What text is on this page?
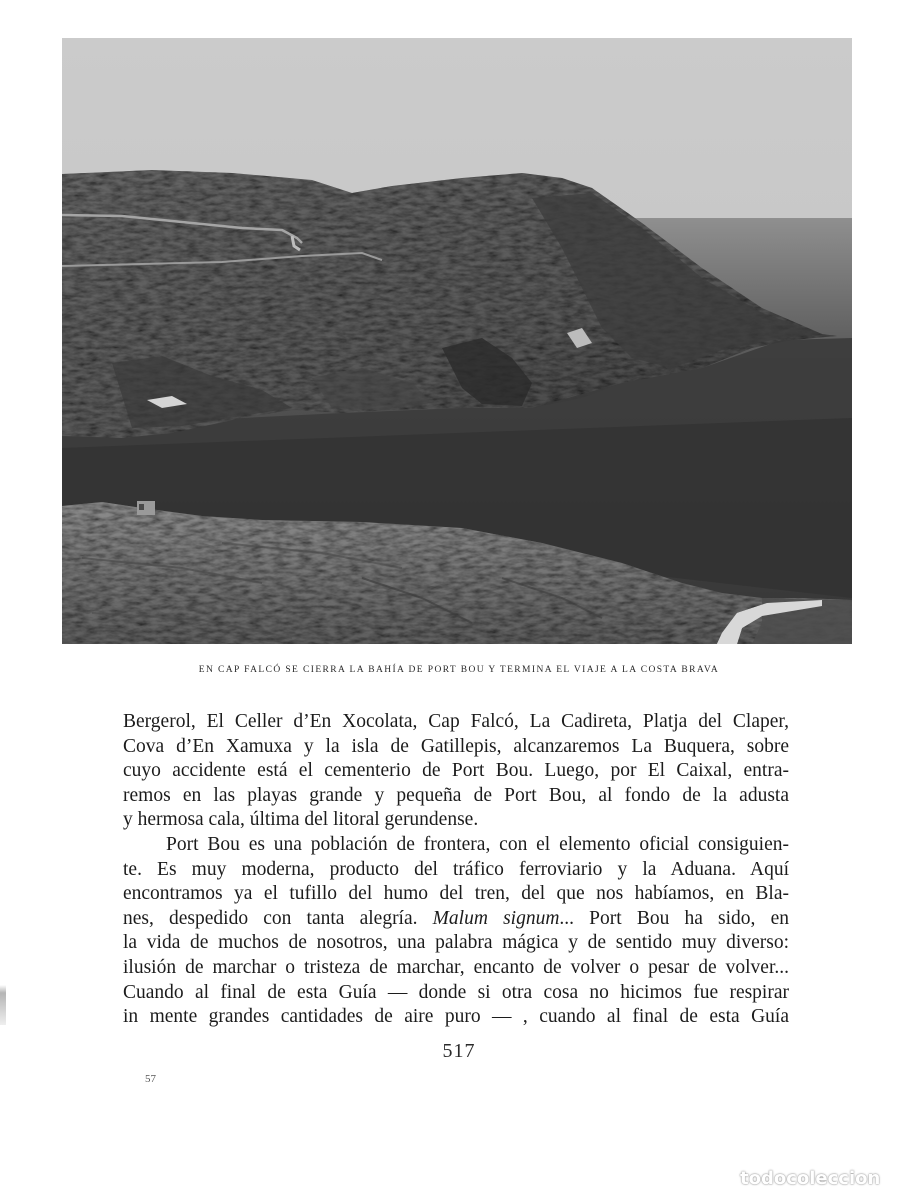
EN CAP FALCÓ SE CIERRA LA BAHÍA DE PORT BOU Y TERMINA EL VIAJE A LA COSTA BRAVA

Bergerol, El Celler d’En Xocolata, Cap Falcó, La Cadireta, Platja del Claper,
Cova d’En Xamuxa y la isla de Gatillepis, alcanzaremos La Buquera, sobre
cuyo accidente está el cementerio de Port Bou. Luego, por El Caixal, entra-
remos en las playas grande y pequeña de Port Bou, al fondo de la adusta
y hermosa cala, última del litoral gerundense.

Port Bou es una población de frontera, con el elemento oficial consiguien-
te. Es muy moderna, producto del tráfico ferroviario y la Aduana. Aquí
encontramos ya el tufillo del humo del tren, del que nos habíamos, en Bla-
nes, despedido con tanta alegría. Malum signum... Port Bou ha sido, en
la vida de muchos de nosotros, una palabra mágica y de sentido muy diverso:
ilusión de marchar o tristeza de marchar, encanto de volver o pesar de volver...
Cuando al final de esta Guía — donde si otra cosa no hicimos fue respirar
in mente grandes cantidades de aire puro — , cuando al final de esta Guía

517
57
todocoleccion
